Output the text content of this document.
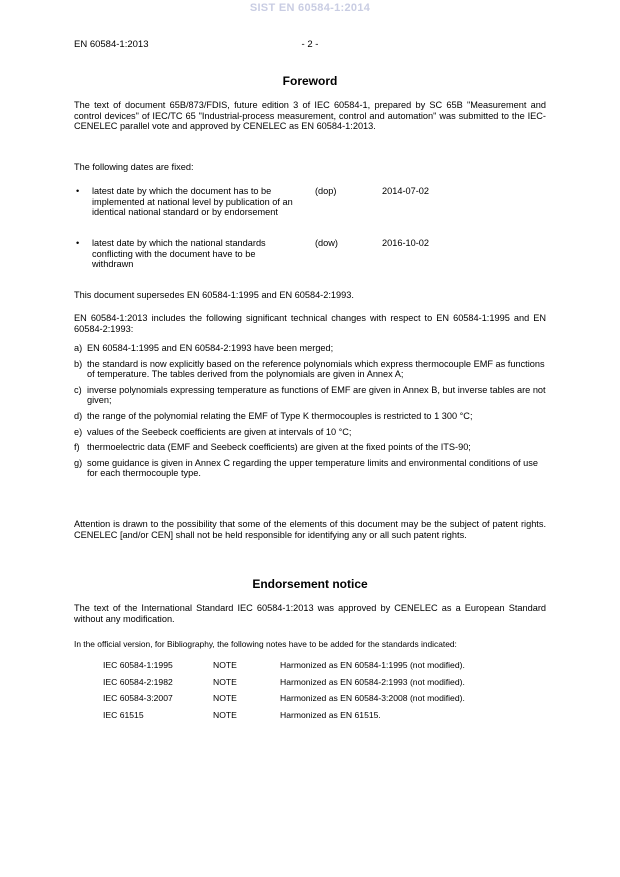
SIST EN 60584-1:2014
EN 60584-1:2013	- 2 -
Foreword
The text of document 65B/873/FDIS, future edition 3 of IEC 60584-1, prepared by SC 65B "Measurement and control devices" of IEC/TC 65 "Industrial-process measurement, control and automation" was submitted to the IEC-CENELEC parallel vote and approved by CENELEC as EN 60584-1:2013.
The following dates are fixed:
• latest date by which the document has to be implemented at national level by publication of an identical national standard or by endorsement
(dop)	2014-07-02
• latest date by which the national standards conflicting with the document have to be withdrawn
(dow)	2016-10-02
This document supersedes EN 60584-1:1995 and EN 60584-2:1993.
EN 60584-1:2013 includes the following significant technical changes with respect to EN 60584-1:1995 and EN 60584-2:1993:
a) EN 60584-1:1995 and EN 60584-2:1993 have been merged;
b) the standard is now explicitly based on the reference polynomials which express thermocouple EMF as functions of temperature. The tables derived from the polynomials are given in Annex A;
c) inverse polynomials expressing temperature as functions of EMF are given in Annex B, but inverse tables are not given;
d) the range of the polynomial relating the EMF of Type K thermocouples is restricted to 1 300 °C;
e) values of the Seebeck coefficients are given at intervals of 10 °C;
f) thermoelectric data (EMF and Seebeck coefficients) are given at the fixed points of the ITS-90;
g) some guidance is given in Annex C regarding the upper temperature limits and environmental conditions of use for each thermocouple type.
Attention is drawn to the possibility that some of the elements of this document may be the subject of patent rights. CENELEC [and/or CEN] shall not be held responsible for identifying any or all such patent rights.
Endorsement notice
The text of the International Standard IEC 60584-1:2013 was approved by CENELEC as a European Standard without any modification.
In the official version, for Bibliography, the following notes have to be added for the standards indicated:
IEC 60584-1:1995	NOTE	Harmonized as EN 60584-1:1995 (not modified).
IEC 60584-2:1982	NOTE	Harmonized as EN 60584-2:1993 (not modified).
IEC 60584-3:2007	NOTE	Harmonized as EN 60584-3:2008 (not modified).
IEC 61515	NOTE	Harmonized as EN 61515.
